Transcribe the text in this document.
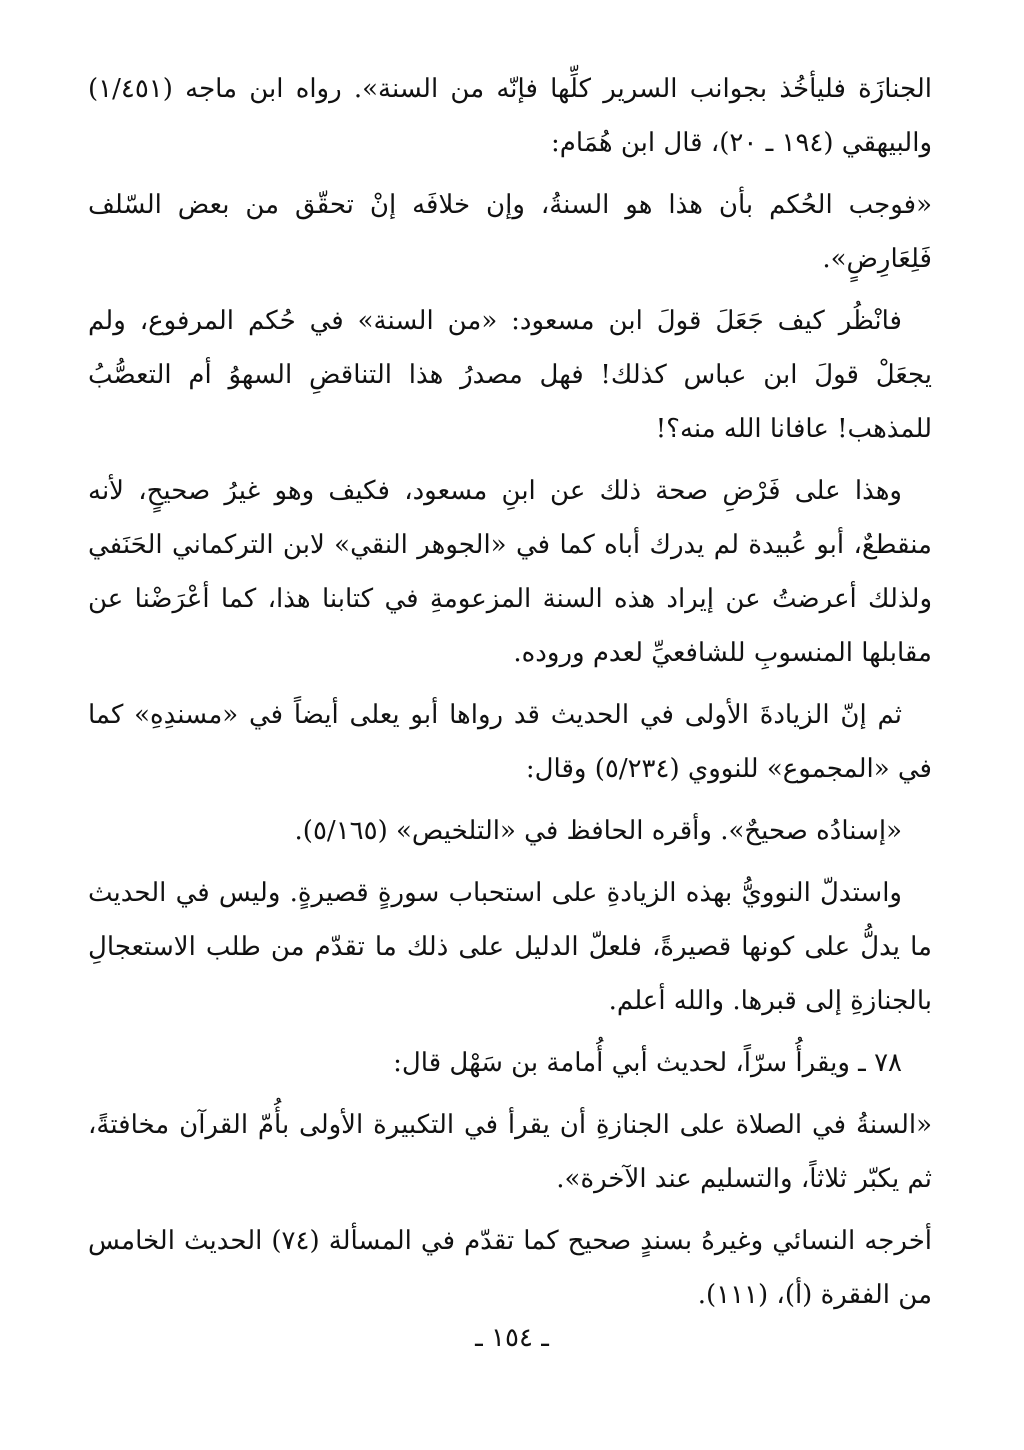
الجنازَة فليأخُذ بجوانب السرير كلِّها فإنّه من السنة». رواه ابن ماجه (١/٤٥١) والبيهقي (١٩٤ ـ ٢٠)، قال ابن هُمَام:

«فوجب الحُكم بأن هذا هو السنةُ، وإن خلافَه إنْ تحقّق من بعض السّلف فَلِعَارِضٍ».

فانْظُر كيف جَعَلَ قولَ ابن مسعود: «من السنة» في حُكم المرفوع، ولم يجعَلْ قولَ ابن عباس كذلك! فهل مصدرُ هذا التناقضِ السهوُ أم التعصُّبُ للمذهب! عافانا الله منه؟!

وهذا على فَرْضِ صحة ذلك عن ابنِ مسعود، فكيف وهو غيرُ صحيحٍ، لأنه منقطعٌ، أبو عُبيدة لم يدرك أباه كما في «الجوهر النقي» لابن التركماني الحَنَفي ولذلك أعرضتُ عن إيراد هذه السنة المزعومةِ في كتابنا هذا، كما أعْرَضْنا عن مقابلها المنسوبِ للشافعيِّ لعدم وروده.

ثم إنّ الزيادةَ الأولى في الحديث قد رواها أبو يعلى أيضاً في «مسندِهِ» كما في «المجموع» للنووي (٥/٢٣٤) وقال:

«إسنادُه صحيحٌ». وأقره الحافظ في «التلخيص» (٥/١٦٥).

واستدلّ النوويُّ بهذه الزيادةِ على استحباب سورةٍ قصيرةٍ. وليس في الحديث ما يدلُّ على كونها قصيرةً، فلعلّ الدليل على ذلك ما تقدّم من طلب الاستعجالِ بالجنازةِ إلى قبرها. والله أعلم.

٧٨ ـ ويقرأُ سرّاً، لحديث أبي أُمامة بن سَهْل قال:

«السنةُ في الصلاة على الجنازةِ أن يقرأ في التكبيرة الأولى بأُمّ القرآن مخافتةً، ثم يكبّر ثلاثاً، والتسليم عند الآخرة».

أخرجه النسائي وغيرهُ بسندٍ صحيح كما تقدّم في المسألة (٧٤) الحديث الخامس من الفقرة (أ)، (١١١).

ـ ١٥٤ ـ
